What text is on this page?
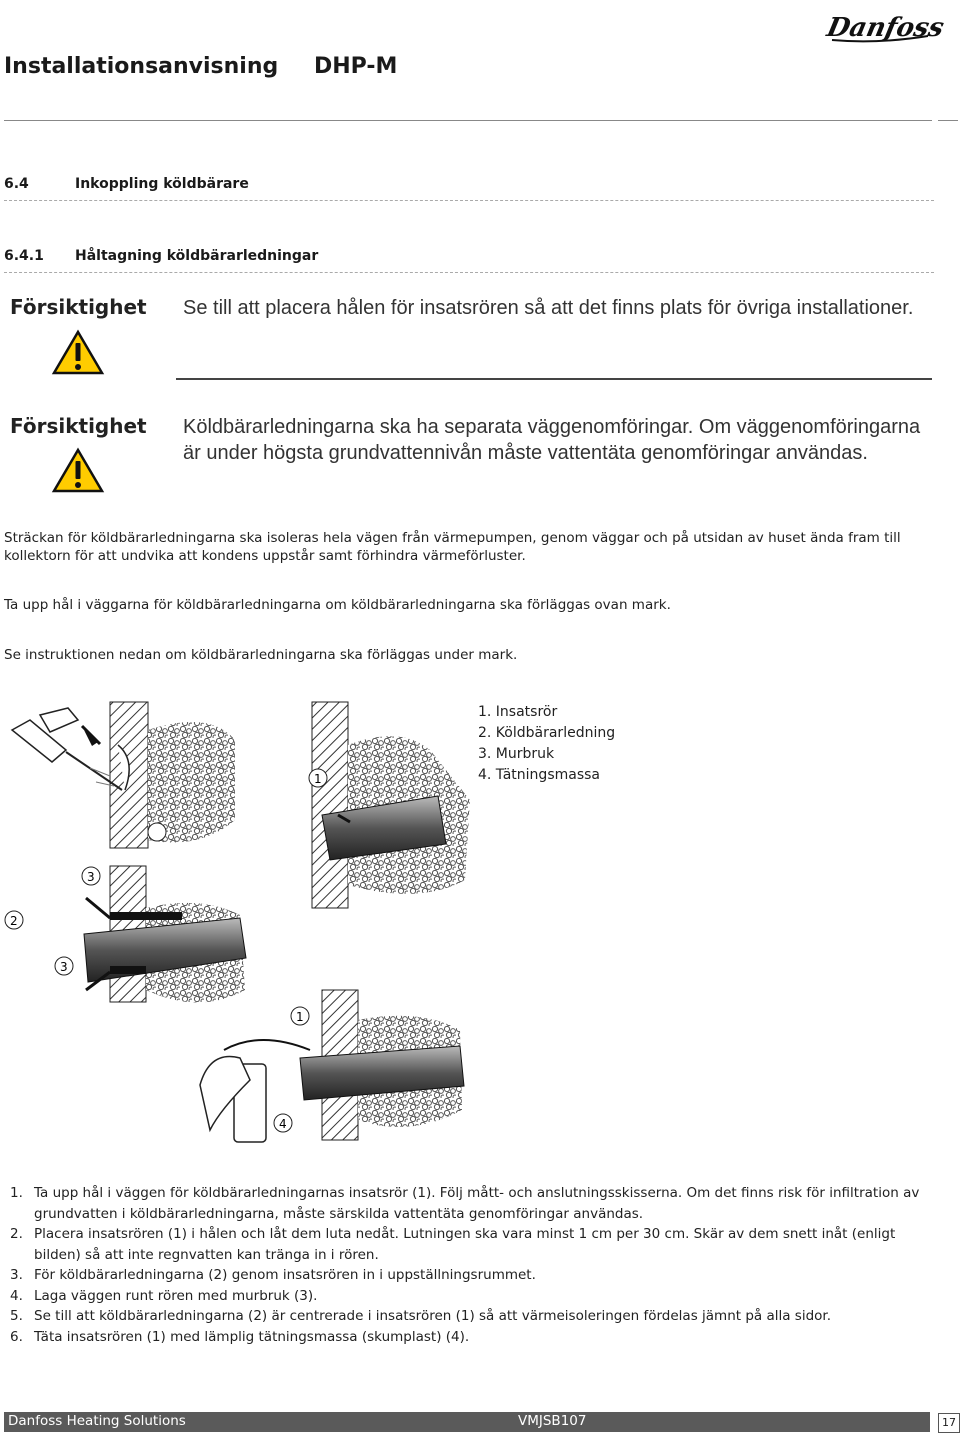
Installationsanvisning DHP-M
Danfoss
6.4	Inkoppling köldbärare
6.4.1 Håltagning köldbärarledningar
Försiktighet Se till att placera hålen för insatsrören så att det finns plats för övriga installationer.
Försiktighet Köldbärarledningarna ska ha separata väggenomföringar. Om väggenomföringarna är under högsta grundvattennivån måste vattentäta genomföringar användas.
Sträckan för köldbärarledningarna ska isoleras hela vägen från värmepumpen, genom väggar och på utsidan av huset ända fram till kollektorn för att undvika att kondens uppstår samt förhindra värmeförluster.
Ta upp hål i väggarna för köldbärarledningarna om köldbärarledningarna ska förläggas ovan mark.
Se instruktionen nedan om köldbärarledningarna ska förläggas under mark.
1. Insatsrör
2. Köldbärarledning
3. Murbruk
4. Tätningsmassa
1
3
2
3
1
4
1. Ta upp hål i väggen för köldbärarledningarnas insatsrör (1). Följ mått- och anslutningsskisserna. Om det finns risk för infiltration av grundvatten i köldbärarledningarna, måste särskilda vattentäta genomföringar användas.
2. Placera insatsrören (1) i hålen och låt dem luta nedåt. Lutningen ska vara minst 1 cm per 30 cm. Skär av dem snett inåt (enligt bilden) så att inte regnvatten kan tränga in i rören.
3. För köldbärarledningarna (2) genom insatsrören in i uppställningsrummet.
4. Laga väggen runt rören med murbruk (3).
5. Se till att köldbärarledningarna (2) är centrerade i insatsrören (1) så att värmeisoleringen fördelas jämnt på alla sidor.
6. Täta insatsrören (1) med lämplig tätningsmassa (skumplast) (4).
Danfoss Heating Solutions	VMJSB107	17
